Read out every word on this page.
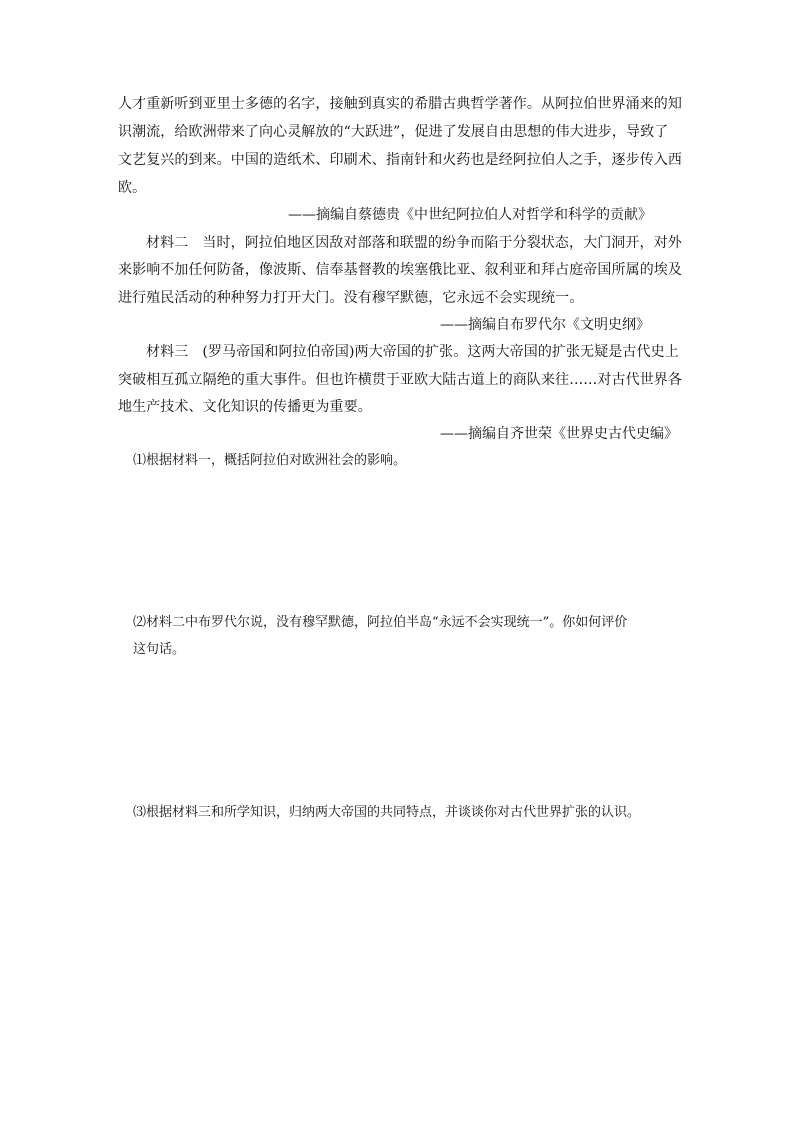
人才重新听到亚里士多德的名字，接触到真实的希腊古典哲学著作。从阿拉伯世界涌来的知
识潮流，给欧洲带来了向心灵解放的“大跃进”，促进了发展自由思想的伟大进步，导致了
文艺复兴的到来。中国的造纸术、印刷术、指南针和火药也是经阿拉伯人之手，逐步传入西
欧。
——摘编自蔡德贵《中世纪阿拉伯人对哲学和科学的贡献》
材料二　当时，阿拉伯地区因敌对部落和联盟的纷争而陷于分裂状态，大门洞开，对外
来影响不加任何防备，像波斯、信奉基督教的埃塞俄比亚、叙利亚和拜占庭帝国所属的埃及
进行殖民活动的种种努力打开大门。没有穆罕默德，它永远不会实现统一。
——摘编自布罗代尔《文明史纲》
材料三　(罗马帝国和阿拉伯帝国)两大帝国的扩张。这两大帝国的扩张无疑是古代史上
突破相互孤立隔绝的重大事件。但也许横贯于亚欧大陆古道上的商队来往……对古代世界各
地生产技术、文化知识的传播更为重要。
——摘编自齐世荣《世界史古代史编》
⑴根据材料一，概括阿拉伯对欧洲社会的影响。
⑵材料二中布罗代尔说，没有穆罕默德，阿拉伯半岛“永远不会实现统一”。你如何评价
这句话。
⑶根据材料三和所学知识，归纳两大帝国的共同特点，并谈谈你对古代世界扩张的认识。
